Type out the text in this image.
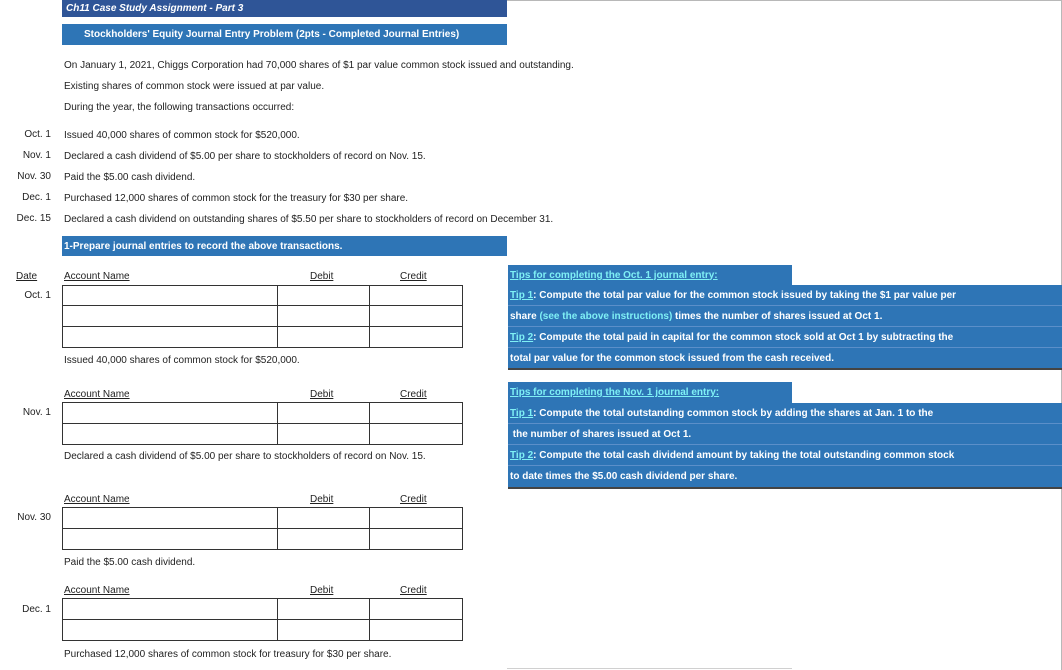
Ch11 Case Study Assignment - Part 3
Stockholders' Equity Journal Entry Problem (2pts - Completed Journal Entries)
On January 1, 2021, Chiggs Corporation had 70,000 shares of $1 par value common stock issued and outstanding.
Existing shares of common stock were issued at par value.
During the year, the following transactions occurred:
Oct. 1 Issued 40,000 shares of common stock for $520,000.
Nov. 1 Declared a cash dividend of $5.00 per share to stockholders of record on Nov. 15.
Nov. 30 Paid the $5.00 cash dividend.
Dec. 1 Purchased 12,000 shares of common stock for the treasury for $30 per share.
Dec. 15 Declared a cash dividend on outstanding shares of $5.50 per share to stockholders of record on December 31.
1-Prepare journal entries to record the above transactions.
Date	Account Name	Debit	Credit
Oct. 1
Issued 40,000 shares of common stock for $520,000.
Account Name	Debit	Credit
Nov. 1
Declared a cash dividend of $5.00 per share to stockholders of record on Nov. 15.
Account Name	Debit	Credit
Nov. 30
Paid the $5.00 cash dividend.
Account Name	Debit	Credit
Dec. 1
Purchased 12,000 shares of common stock for treasury for $30 per share.
Tips for completing the Oct. 1 journal entry:
Tip 1: Compute the total par value for the common stock issued by taking the $1 par value per
share (see the above instructions) times the number of shares issued at Oct 1.
Tip 2: Compute the total paid in capital for the common stock sold at Oct 1 by subtracting the
total par value for the common stock issued from the cash received.
Tips for completing the Nov. 1 journal entry:
Tip 1: Compute the total outstanding common stock by adding the shares at Jan. 1 to the
the number of shares issued at Oct 1.
Tip 2: Compute the total cash dividend amount by taking the total outstanding common stock
to date times the $5.00 cash dividend per share.
